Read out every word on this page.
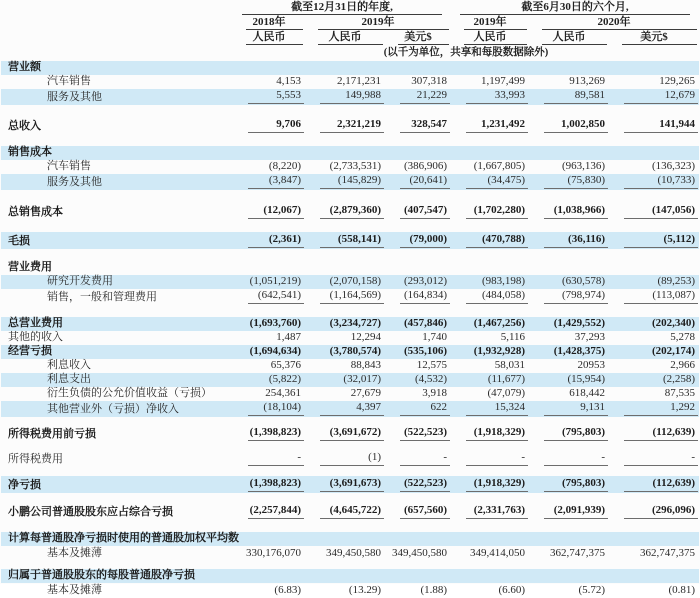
	截至12月31日的年度,			截至6月30日的六个月,		
	2018年	2019年		2019年	2020年	
	人民币	人民币	美元$	人民币	人民币	美元$
	(以千为单位，共享和每股数据除外)					
营业额						
汽车销售	4,153	2,171,231	307,318	1,197,499	913,269	129,265
服务及其他	5,553	149,988	21,229	33,993	89,581	12,679

总收入	9,706	2,321,219	328,547	1,231,492	1,002,850	141,944

销售成本						
汽车销售	(8,220)	(2,733,531)	(386,906)	(1,667,805)	(963,136)	(136,323)
服务及其他	(3,847)	(145,829)	(20,641)	(34,475)	(75,830)	(10,733)

总销售成本	(12,067)	(2,879,360)	(407,547)	(1,702,280)	(1,038,966)	(147,056)

毛损	(2,361)	(558,141)	(79,000)	(470,788)	(36,116)	(5,112)

营业费用						
研究开发费用	(1,051,219)	(2,070,158)	(293,012)	(983,198)	(630,578)	(89,253)
销售，一般和管理费用	(642,541)	(1,164,569)	(164,834)	(484,058)	(798,974)	(113,087)

总营业费用	(1,693,760)	(3,234,727)	(457,846)	(1,467,256)	(1,429,552)	(202,340)
其他的收入	1,487	12,294	1,740	5,116	37,293	5,278
经营亏损	(1,694,634)	(3,780,574)	(535,106)	(1,932,928)	(1,428,375)	(202,174)
利息收入	65,376	88,843	12,575	58,031	20953	2,966
利息支出	(5,822)	(32,017)	(4,532)	(11,677)	(15,954)	(2,258)
衍生负债的公允价值收益（亏损）	254,361	27,679	3,918	(47,079)	618,442	87,535
其他营业外（亏损）净收入	(18,104)	4,397	622	15,324	9,131	1,292

所得税费用前亏损	(1,398,823)	(3,691,672)	(522,523)	(1,918,329)	(795,803)	(112,639)

所得税费用	-	(1)	-	-	-	-

净亏损	(1,398,823)	(3,691,673)	(522,523)	(1,918,329)	(795,803)	(112,639)

小鹏公司普通股股东应占综合亏损	(2,257,844)	(4,645,722)	(657,560)	(2,331,763)	(2,091,939)	(296,096)

计算每普通股净亏损时使用的普通股加权平均数						
基本及摊薄	330,176,070	349,450,580	349,450,580	349,414,050	362,747,375	362,747,375

归属于普通股股东的每股普通股净亏损						
基本及摊薄	(6.83)	(13.29)	(1.88)	(6.60)	(5.72)	(0.81)
